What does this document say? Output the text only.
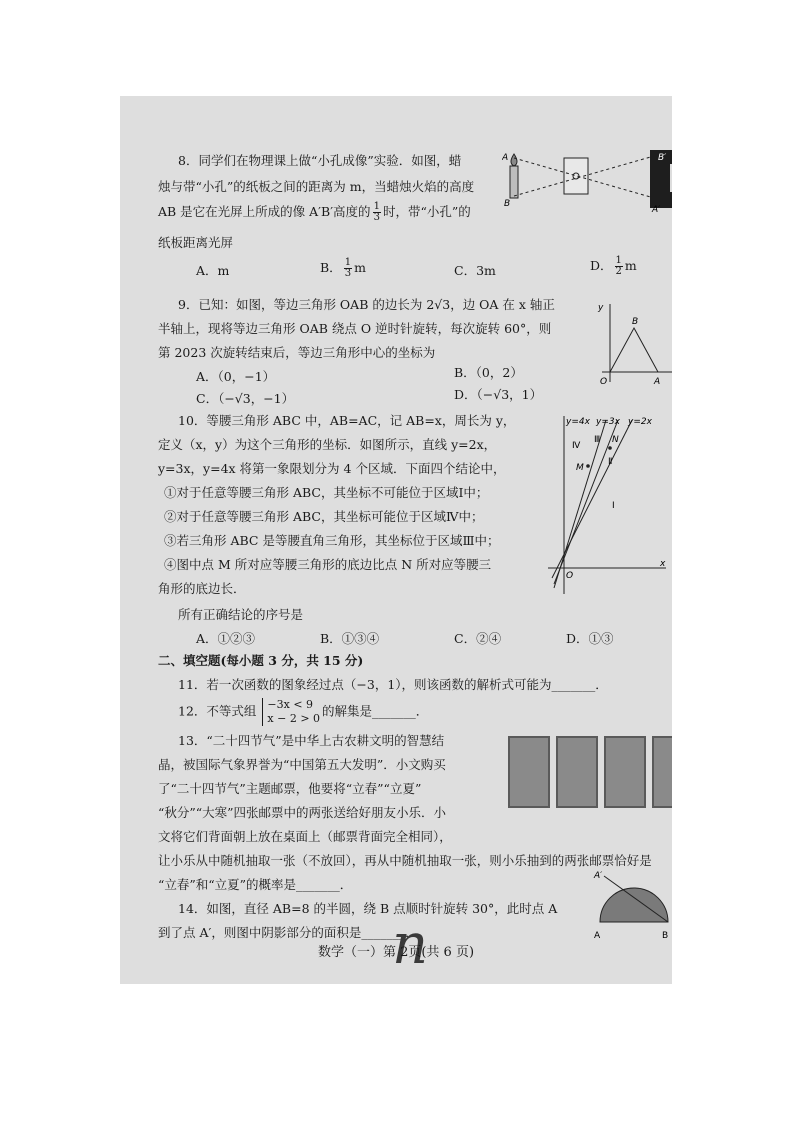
8．同学们在物理课上做“小孔成像”实验．如图，蜡
烛与带“小孔”的纸板之间的距离为 m，当蜡烛火焰的高度
AB 是它在光屏上所成的像 A′B′高度的 $\frac{1}{3}$ 时，带“小孔”的
纸板距离光屏
A．m	B． $\frac{1}{3}$ m	C．3m	D． $\frac{1}{2}$ m
A
B
B′
A′
9．已知：如图，等边三角形 OAB 的边长为 2√3，边 OA 在 x 轴正
半轴上，现将等边三角形 OAB 绕点 O 逆时针旋转，每次旋转 60°，则
第 2023 次旋转结束后，等边三角形中心的坐标为
A．（0，−1）	B．（0，2）
C．（−√3，−1）	D．（−√3，1）
y
B
O	A x
10．等腰三角形 ABC 中，AB=AC，记 AB=x，周长为 y，
定义（x，y）为这个三角形的坐标．如图所示，直线 y=2x，
y=3x，y=4x 将第一象限划分为 4 个区域．下面四个结论中，
①对于任意等腰三角形 ABC，其坐标不可能位于区域Ⅰ中；
②对于任意等腰三角形 ABC，其坐标可能位于区域Ⅳ中；
③若三角形 ABC 是等腰直角三角形，其坐标位于区域Ⅲ中；
④图中点 M 所对应等腰三角形的底边比点 N 所对应等腰三
角形的底边长．
所有正确结论的序号是
A．①②③	B．①③④	C．②④	D．①③
y=4x y=3x y=2x
Ⅳ
Ⅲ
Ⅱ
Ⅰ
M
N
O
x
二、填空题(每小题 3 分，共 15 分)
11．若一次函数的图象经过点（−3，1），则该函数的解析式可能为_______．
12．不等式组 −3x < 9
x − 2 > 0 的解集是_______．
13．“二十四节气”是中华上古农耕文明的智慧结
晶，被国际气象界誉为“中国第五大发明”．小文购买
了“二十四节气”主题邮票，他要将“立春”“立夏”
“秋分”“大寒”四张邮票中的两张送给好朋友小乐．小
文将它们背面朝上放在桌面上（邮票背面完全相同），
让小乐从中随机抽取一张（不放回），再从中随机抽取一张，则小乐抽到的两张邮票恰好是
“立春”和“立夏”的概率是_______．
14．如图，直径 AB=8 的半圆，绕 B 点顺时针旋转 30°，此时点 A
到了点 A′，则图中阴影部分的面积是_______．
A′
A	B
n
数学（一）第 2页(共 6 页)
